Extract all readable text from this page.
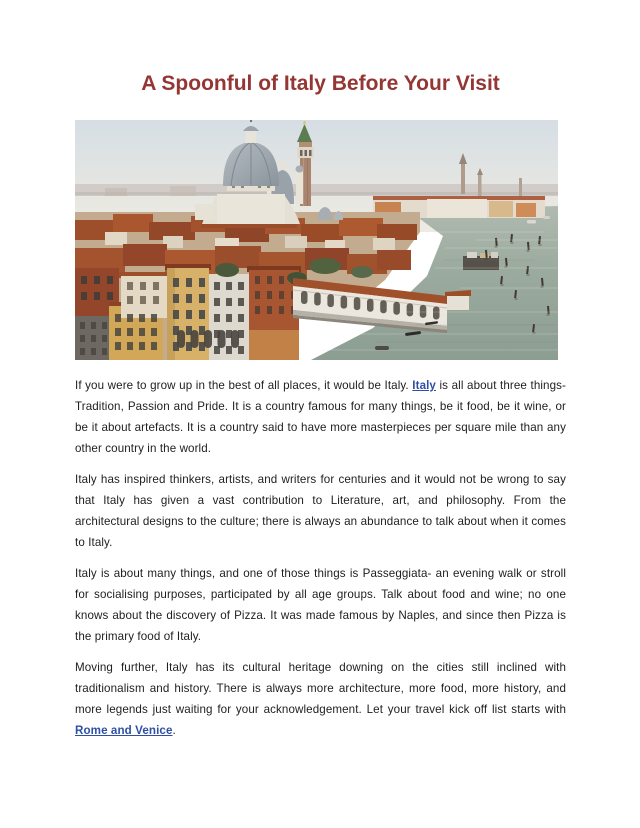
A Spoonful of Italy Before Your Visit

If you were to grow up in the best of all places, it would be Italy. Italy is all about three things-Tradition, Passion and Pride. It is a country famous for many things, be it food, be it wine, or be it about artefacts. It is a country said to have more masterpieces per square mile than any other country in the world.

Italy has inspired thinkers, artists, and writers for centuries and it would not be wrong to say that Italy has given a vast contribution to Literature, art, and philosophy. From the architectural designs to the culture; there is always an abundance to talk about when it comes to Italy.

Italy is about many things, and one of those things is Passeggiata- an evening walk or stroll for socialising purposes, participated by all age groups. Talk about food and wine; no one knows about the discovery of Pizza. It was made famous by Naples, and since then Pizza is the primary food of Italy.

Moving further, Italy has its cultural heritage downing on the cities still inclined with traditionalism and history. There is always more architecture, more food, more history, and more legends just waiting for your acknowledgement. Let your travel kick off list starts with Rome and Venice.
